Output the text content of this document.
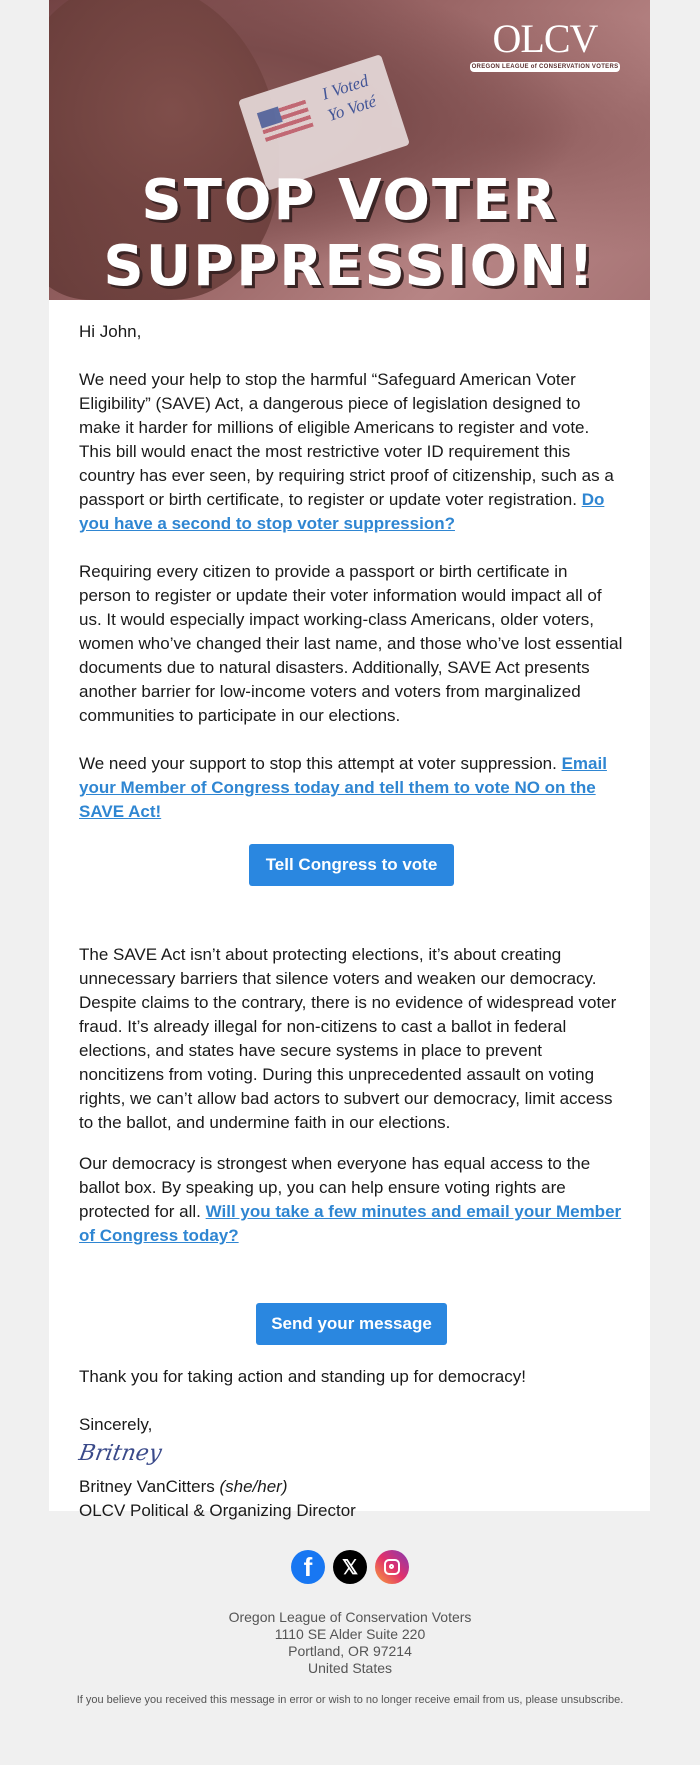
I Voted Yo Voté
OLCV
OREGON LEAGUE of CONSERVATION VOTERS
STOP VOTER
SUPPRESSION!

Hi John,

We need your help to stop the harmful “Safeguard American Voter Eligibility” (SAVE) Act, a dangerous piece of legislation designed to make it harder for millions of eligible Americans to register and vote. This bill would enact the most restrictive voter ID requirement this country has ever seen, by requiring strict proof of citizenship, such as a passport or birth certificate, to register or update voter registration. Do you have a second to stop voter suppression?

Requiring every citizen to provide a passport or birth certificate in person to register or update their voter information would impact all of us. It would especially impact working-class Americans, older voters, women who’ve changed their last name, and those who’ve lost essential documents due to natural disasters. Additionally, SAVE Act presents another barrier for low-income voters and voters from marginalized communities to participate in our elections.

We need your support to stop this attempt at voter suppression. Email your Member of Congress today and tell them to vote NO on the SAVE Act!

Tell Congress to vote NO!

The SAVE Act isn’t about protecting elections, it’s about creating unnecessary barriers that silence voters and weaken our democracy. Despite claims to the contrary, there is no evidence of widespread voter fraud. It’s already illegal for non-citizens to cast a ballot in federal elections, and states have secure systems in place to prevent noncitizens from voting. During this unprecedented assault on voting rights, we can’t allow bad actors to subvert our democracy, limit access to the ballot, and undermine faith in our elections.

Our democracy is strongest when everyone has equal access to the ballot box. By speaking up, you can help ensure voting rights are protected for all. Will you take a few minutes and email your Member of Congress today?

Send your message

Thank you for taking action and standing up for democracy!

Sincerely,

Britney
Britney VanCitters (she/her)
OLCV Political & Organizing Director
f	𝕏
Oregon League of Conservation Voters
1110 SE Alder Suite 220
Portland, OR 97214
United States
If you believe you received this message in error or wish to no longer receive email from us, please unsubscribe.
